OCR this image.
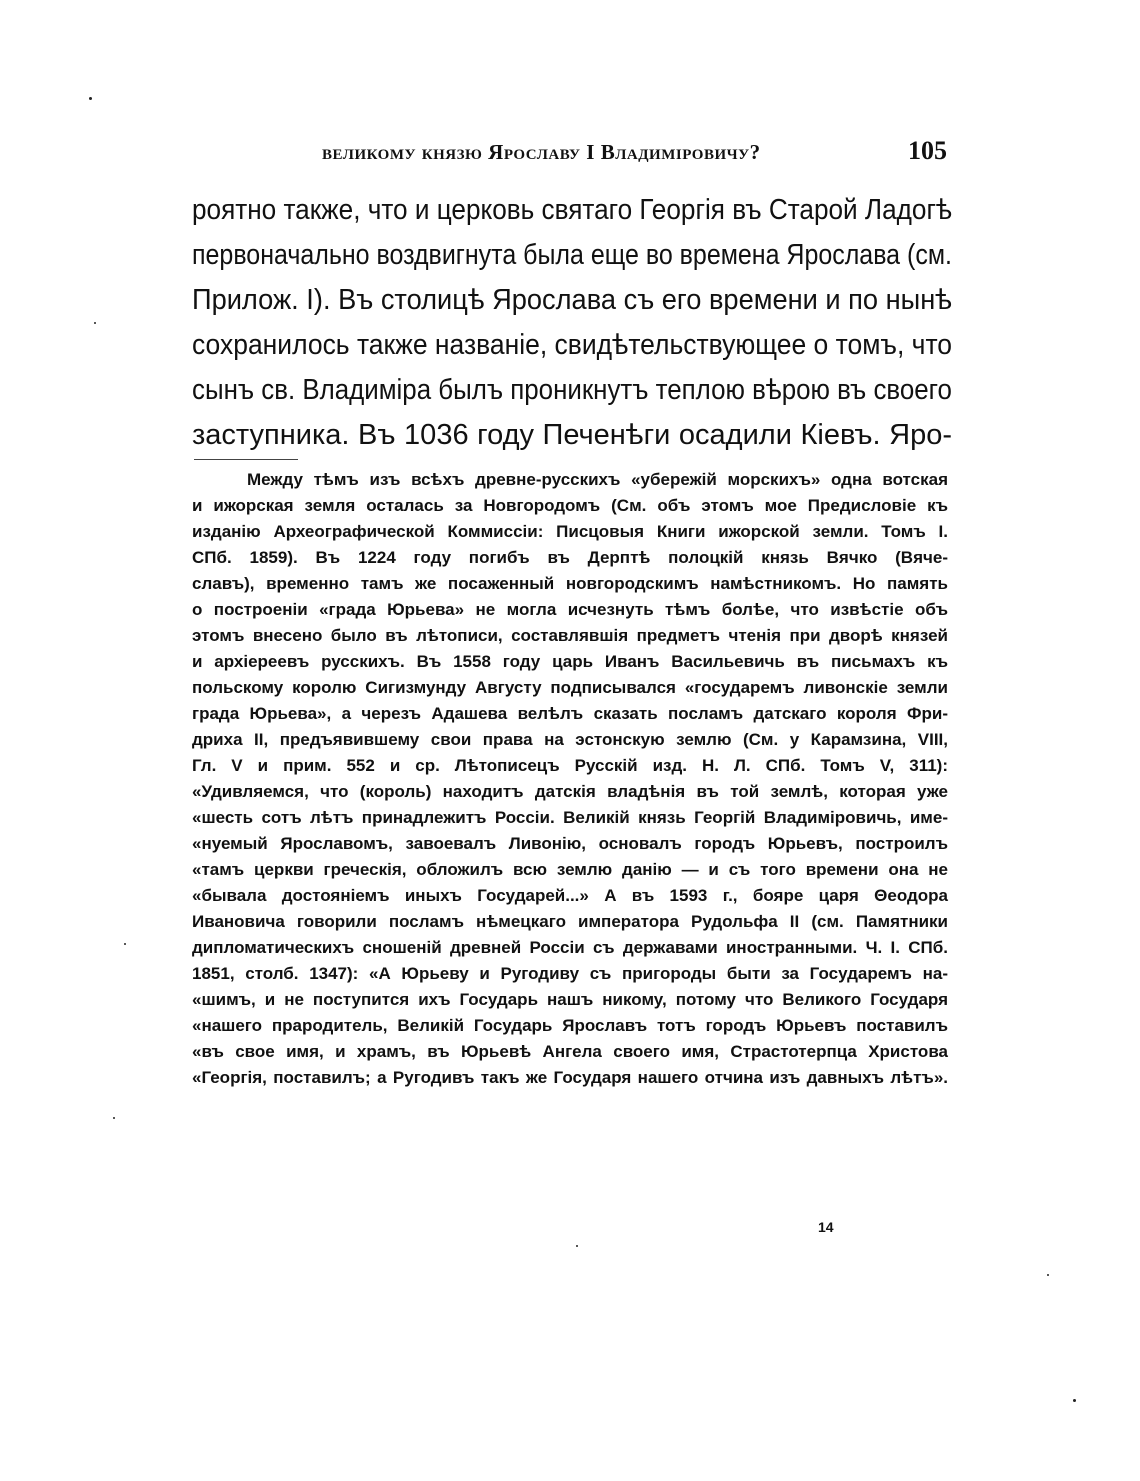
великому князю Ярославу I Владиміровичу?	105
роятно также, что и церковь святаго Георгія въ Старой Ладогѣ
первоначально воздвигнута была еще во времена Ярослава (см.
Прилож. I). Въ столицѣ Ярослава съ его времени и по нынѣ
сохранилось также названіе, свидѣтельствующее о томъ, что
сынъ св. Владиміра былъ проникнутъ теплою вѣрою въ своего
заступника. Въ 1036 году Печенѣги осадили Кіевъ. Яро-
Между тѣмъ изъ всѣхъ древне-русскихъ «убережій морскихъ» одна вотская
и ижорская земля осталась за Новгородомъ (См. объ этомъ мое Предисловіе къ
изданію Археографической Коммиссіи: Писцовыя Книги ижорской земли. Томъ I.
СПб. 1859). Въ 1224 году погибъ въ Дерптѣ полоцкій князь Вячко (Вяче-
славъ), временно тамъ же посаженный новгородскимъ намѣстникомъ. Но память
о построеніи «града Юрьева» не могла исчезнуть тѣмъ болѣе, что извѣстіе объ
этомъ внесено было въ лѣтописи, составлявшія предметъ чтенія при дворѣ князей
и архіереевъ русскихъ. Въ 1558 году царь Иванъ Васильевичь въ письмахъ къ
польскому королю Сигизмунду Августу подписывался «государемъ ливонскіе земли
града Юрьева», а черезъ Адашева велѣлъ сказать посламъ датскаго короля Фри-
дриха II, предъявившему свои права на эстонскую землю (См. у Карамзина, VIII,
Гл. V и прим. 552 и ср. Лѣтописецъ Русскій изд. Н. Л. СПб. Томъ V, 311):
«Удивляемся, что (король) находитъ датскія владѣнія въ той землѣ, которая уже
«шесть сотъ лѣтъ принадлежитъ Россіи. Великій князь Георгій Владиміровичь, име-
«нуемый Ярославомъ, завоевалъ Ливонію, основалъ городъ Юрьевъ, построилъ
«тамъ церкви греческія, обложилъ всю землю данію — и съ того времени она не
«бывала достояніемъ иныхъ Государей...» А въ 1593 г., бояре царя Θеодора
Ивановича говорили посламъ нѣмецкаго императора Рудольфа II (см. Памятники
дипломатическихъ сношеній древней Россіи съ державами иностранными. Ч. I. СПб.
1851, столб. 1347): «А Юрьеву и Ругодиву съ пригороды быти за Государемъ на-
«шимъ, и не поступится ихъ Государь нашъ никому, потому что Великого Государя
«нашего прародитель, Великій Государь Ярославъ тотъ городъ Юрьевъ поставилъ
«въ свое имя, и храмъ, въ Юрьевѣ Ангела своего имя, Страстотерпца Христова
«Георгія, поставилъ; а Ругодивъ такъ же Государя нашего отчина изъ давныхъ лѣтъ».
14
